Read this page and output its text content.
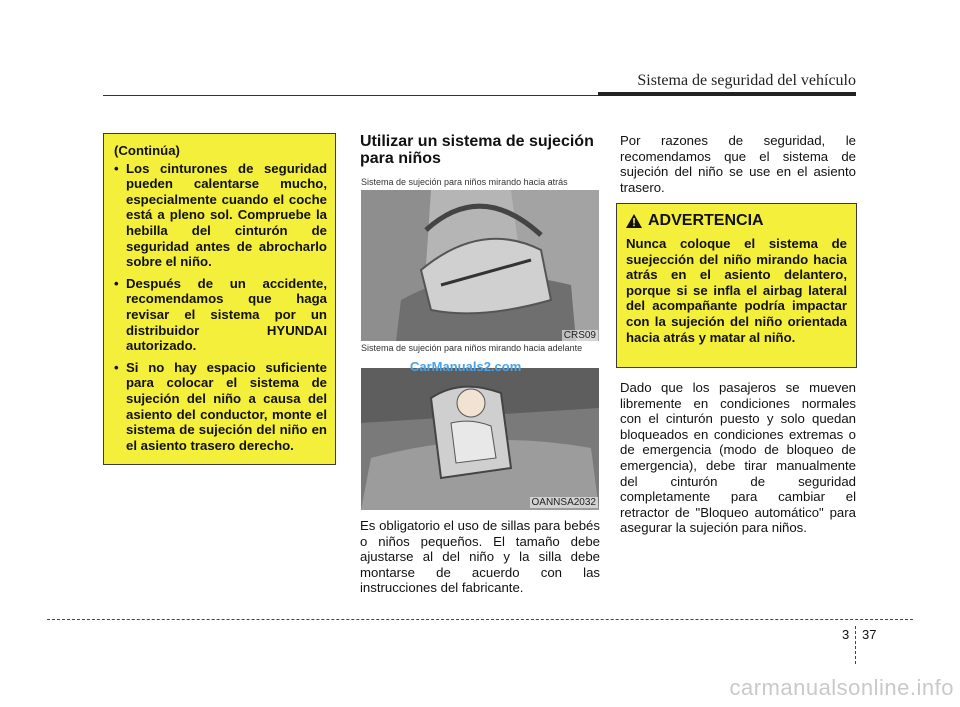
Sistema de seguridad del vehículo
(Continúa)
• Los cinturones de seguridad pueden calentarse mucho, especialmente cuando el coche está a pleno sol. Compruebe la hebilla del cinturón de seguridad antes de abrocharlo sobre el niño.
• Después de un accidente, recomendamos que haga revisar el sistema por un distribuidor HYUNDAI autorizado.
• Si no hay espacio suficiente para colocar el sistema de sujeción del niño a causa del asiento del conductor, monte el sistema de sujeción del niño en el asiento trasero derecho.
Utilizar un sistema de sujeción para niños
Sistema de sujeción para niños mirando hacia atrás
CRS09
Sistema de sujeción para niños mirando hacia adelante
CarManuals2.com
OANNSA2032
Es obligatorio el uso de sillas para bebés o niños pequeños. El tamaño debe ajustarse al del niño y la silla debe montarse de acuerdo con las instrucciones del fabricante.
Por razones de seguridad, le recomendamos que el sistema de sujeción del niño se use en el asiento trasero.
ADVERTENCIA
Nunca coloque el sistema de suejección del niño mirando hacia atrás en el asiento delantero, porque si se infla el airbag lateral del acompañante podría impactar con la sujeción del niño orientada hacia atrás y matar al niño.
Dado que los pasajeros se mueven libremente en condiciones normales con el cinturón puesto y solo quedan bloqueados en condiciones extremas o de emergencia (modo de bloqueo de emergencia), debe tirar manualmente del cinturón de seguridad completamente para cambiar el retractor de "Bloqueo automático" para asegurar la sujeción para niños.
3 37
carmanualsonline.info
